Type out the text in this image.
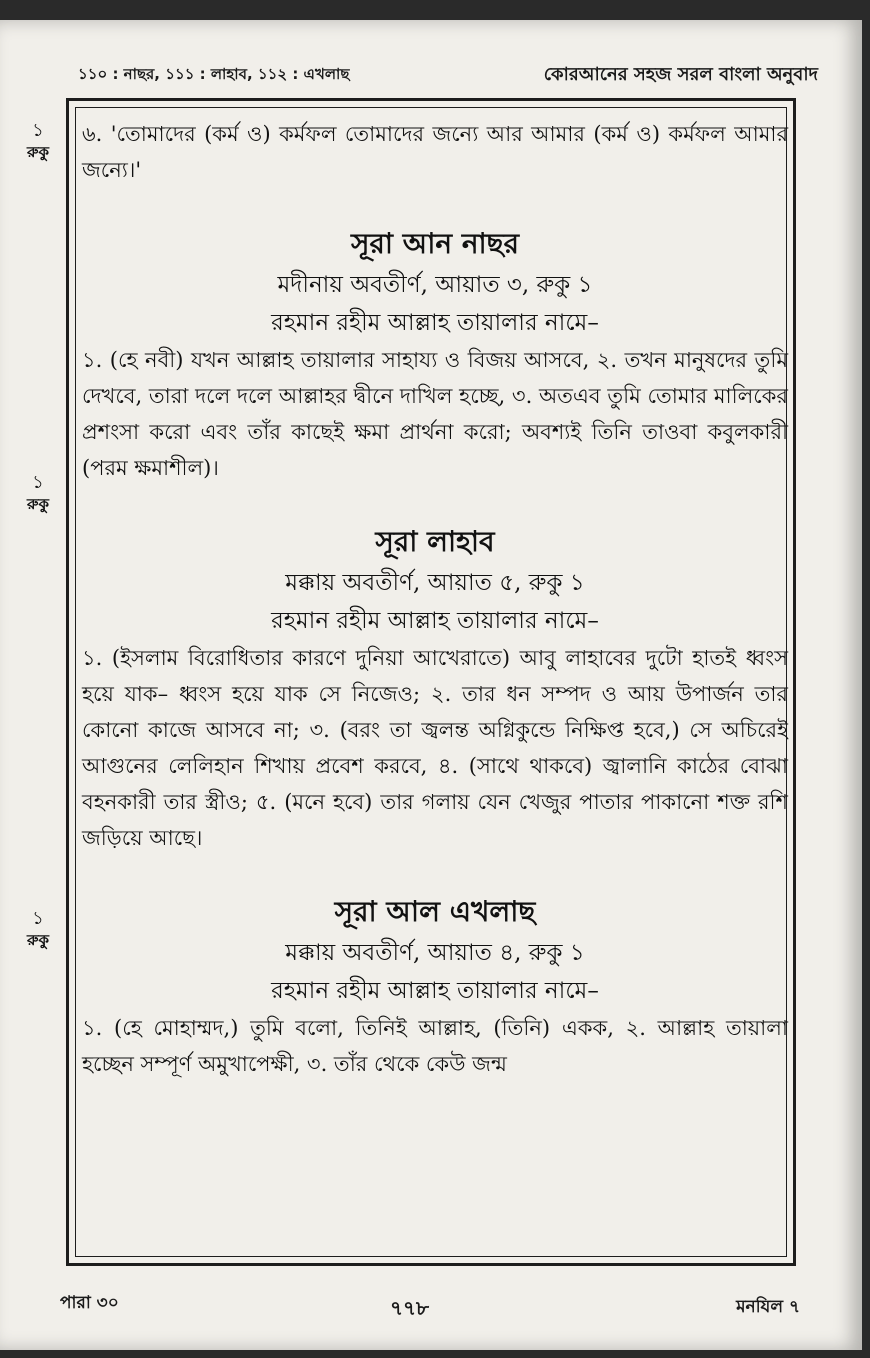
১১০ : নাছর, ১১১ : লাহাব, ১১২ : এখলাছ	কোরআনের সহজ সরল বাংলা অনুবাদ
১
রুকু
১
রুকু
১
রুকু

৬. 'তোমাদের (কর্ম ও) কর্মফল তোমাদের জন্যে আর আমার (কর্ম ও) কর্মফল আমার জন্যে।'

সূরা আন নাছর

মদীনায় অবতীর্ণ, আয়াত ৩, রুকু ১

রহমান রহীম আল্লাহ তায়ালার নামে–

১. (হে নবী) যখন আল্লাহ তায়ালার সাহায্য ও বিজয় আসবে, ২. তখন মানুষদের তুমি দেখবে, তারা দলে দলে আল্লাহর দ্বীনে দাখিল হচ্ছে, ৩. অতএব তুমি তোমার মালিকের প্রশংসা করো এবং তাঁর কাছেই ক্ষমা প্রার্থনা করো; অবশ্যই তিনি তাওবা কবুলকারী (পরম ক্ষমাশীল)।

সূরা লাহাব

মক্কায় অবতীর্ণ, আয়াত ৫, রুকু ১

রহমান রহীম আল্লাহ তায়ালার নামে–

১. (ইসলাম বিরোধিতার কারণে দুনিয়া আখেরাতে) আবু লাহাবের দুটো হাতই ধ্বংস হয়ে যাক– ধ্বংস হয়ে যাক সে নিজেও; ২. তার ধন সম্পদ ও আয় উপার্জন তার কোনো কাজে আসবে না; ৩. (বরং তা জ্বলন্ত অগ্নিকুন্ডে নিক্ষিপ্ত হবে,) সে অচিরেই আগুনের লেলিহান শিখায় প্রবেশ করবে, ৪. (সাথে থাকবে) জ্বালানি কাঠের বোঝা বহনকারী তার স্ত্রীও; ৫. (মনে হবে) তার গলায় যেন খেজুর পাতার পাকানো শক্ত রশি জড়িয়ে আছে।

সূরা আল এখলাছ

মক্কায় অবতীর্ণ, আয়াত ৪, রুকু ১

রহমান রহীম আল্লাহ তায়ালার নামে–

১. (হে মোহাম্মদ,) তুমি বলো, তিনিই আল্লাহ, (তিনি) একক, ২. আল্লাহ তায়ালা হচ্ছেন সম্পূর্ণ অমুখাপেক্ষী, ৩. তাঁর থেকে কেউ জন্ম

পারা ৩০	৭৭৮	মনযিল ৭
